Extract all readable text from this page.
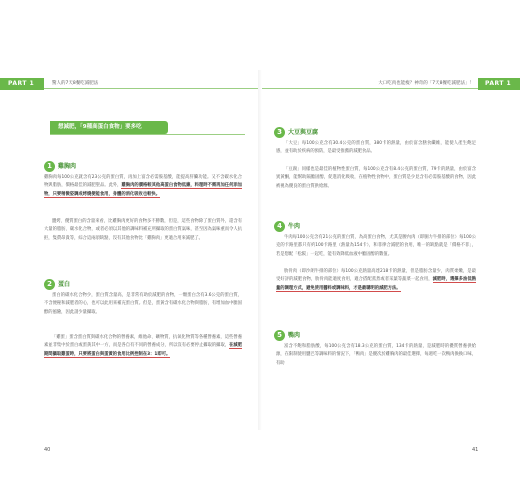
PART 1	驚人的7天8餐吃減肥法	大口吃肉也能瘦？神奇的「7天8餐吃減肥法」！ PART 1
想減肥，「9種高蛋白食物」要多吃
1	雞胸肉
雞胸肉每100公克就含有23公克的蛋白質，再加上富含必需胺基酸，能提高肝臟功能。又不含碳水化合物與脂肪，價格最佳的減肥聖品。此外，雞胸肉的價格較其他高蛋白食物低廉，料理時不需再加任何添加物，只要稍微姿調成烤燒便能食用，身體的消化吸收也較快。
鹽烤、優質蛋白的含量來看，比雞胸肉更好的食物多不勝數，但是，這些食物除了蛋白質外，還含有大量的脂肪、碳水化合物，或者必須以其他的調味料補充所攝取的蛋白質氣味，甚至因為氣味重而令人抗拒，隻費昂貴等，綜合這兩項缺點，沒有其他食物比「雞胸肉」更適合用來減肥了。
2	蛋白
蛋白的碳水化合物少，蛋白質含量高，是非常有助於減肥的食物，一顆蛋白含有3.6公克的蛋白質，不含便秘和減肥者的心，也可以此用來補充蛋白質。但是，蛋黃含有碳水化合物與脂肪，有增加血中膽固醇的風險，因此請少量攝取。
「雞蛋」蛋含蛋白質與碳水化合物的營養素，維他命、礦物質，抗氧化物質等各種營養素，這些營養素並非集中於蛋白或蛋黃其中一方，而是各自有不同的營養成分，所以沒有必要停止攝取的攝取，在減肥期間攝取雞蛋時，只要將蛋白與蛋黃的食用比例控制在3：1即可。
3	大豆與豆腐
「大豆」每100公克含有30.4公克的蛋白質，380卡的熱量，由於富含膳食纖維，能使人產生飽足感，並有助於疾病的預防，是最受推薦的減肥食品。
「豆腐」同樣也是最佳的植物性蛋白質，每100公克含有8.4公克的蛋白質，79卡的熱量，由於富含異黃酮，能幫助隔膽固醇，促進消化吸收，在植物性食物中，蛋白質是少見含有必需胺基酸的食物，因此被視為優良的蛋白質供給源。
4	牛肉
牛肉每100公克含有21公克的蛋白質，為高蛋白食物，尤其是腰內肉（即胴力牛排的部位）每100公克的卡路里都只有約100卡路里（熱量為154卡），和菲律合減肥的食用，唯一的缺點就是「價格不菲」，若是想配「松阪」一起吃，能有效降低血液中膽固醇的數值。
肋骨肉（即沙朗牛排的部位）每100公克熱量高達218卡的熱量，但是脂肪含量少，肉質柔嫩，是最受好評的減肥食物，肋骨肉能適度食用，適合搭配蒸煮或者采葉等蔬菜一起食用，減肥時，選擇多油低熱量的調理方式，避免使用醬料或調味料，才是最聰明的減肥方法。
5	鴨肉
富含不飽和脂肪酸，每100公克含有18.3公克的蛋白質，134卡的熱量，是減肥時的優質營養供給源，在限制使用鹽巴等調味料的情況下，「鴨肉」是優次於雞胸肉的最佳選擇，每週吃一次鴨肉換換口味，有助
40	41
